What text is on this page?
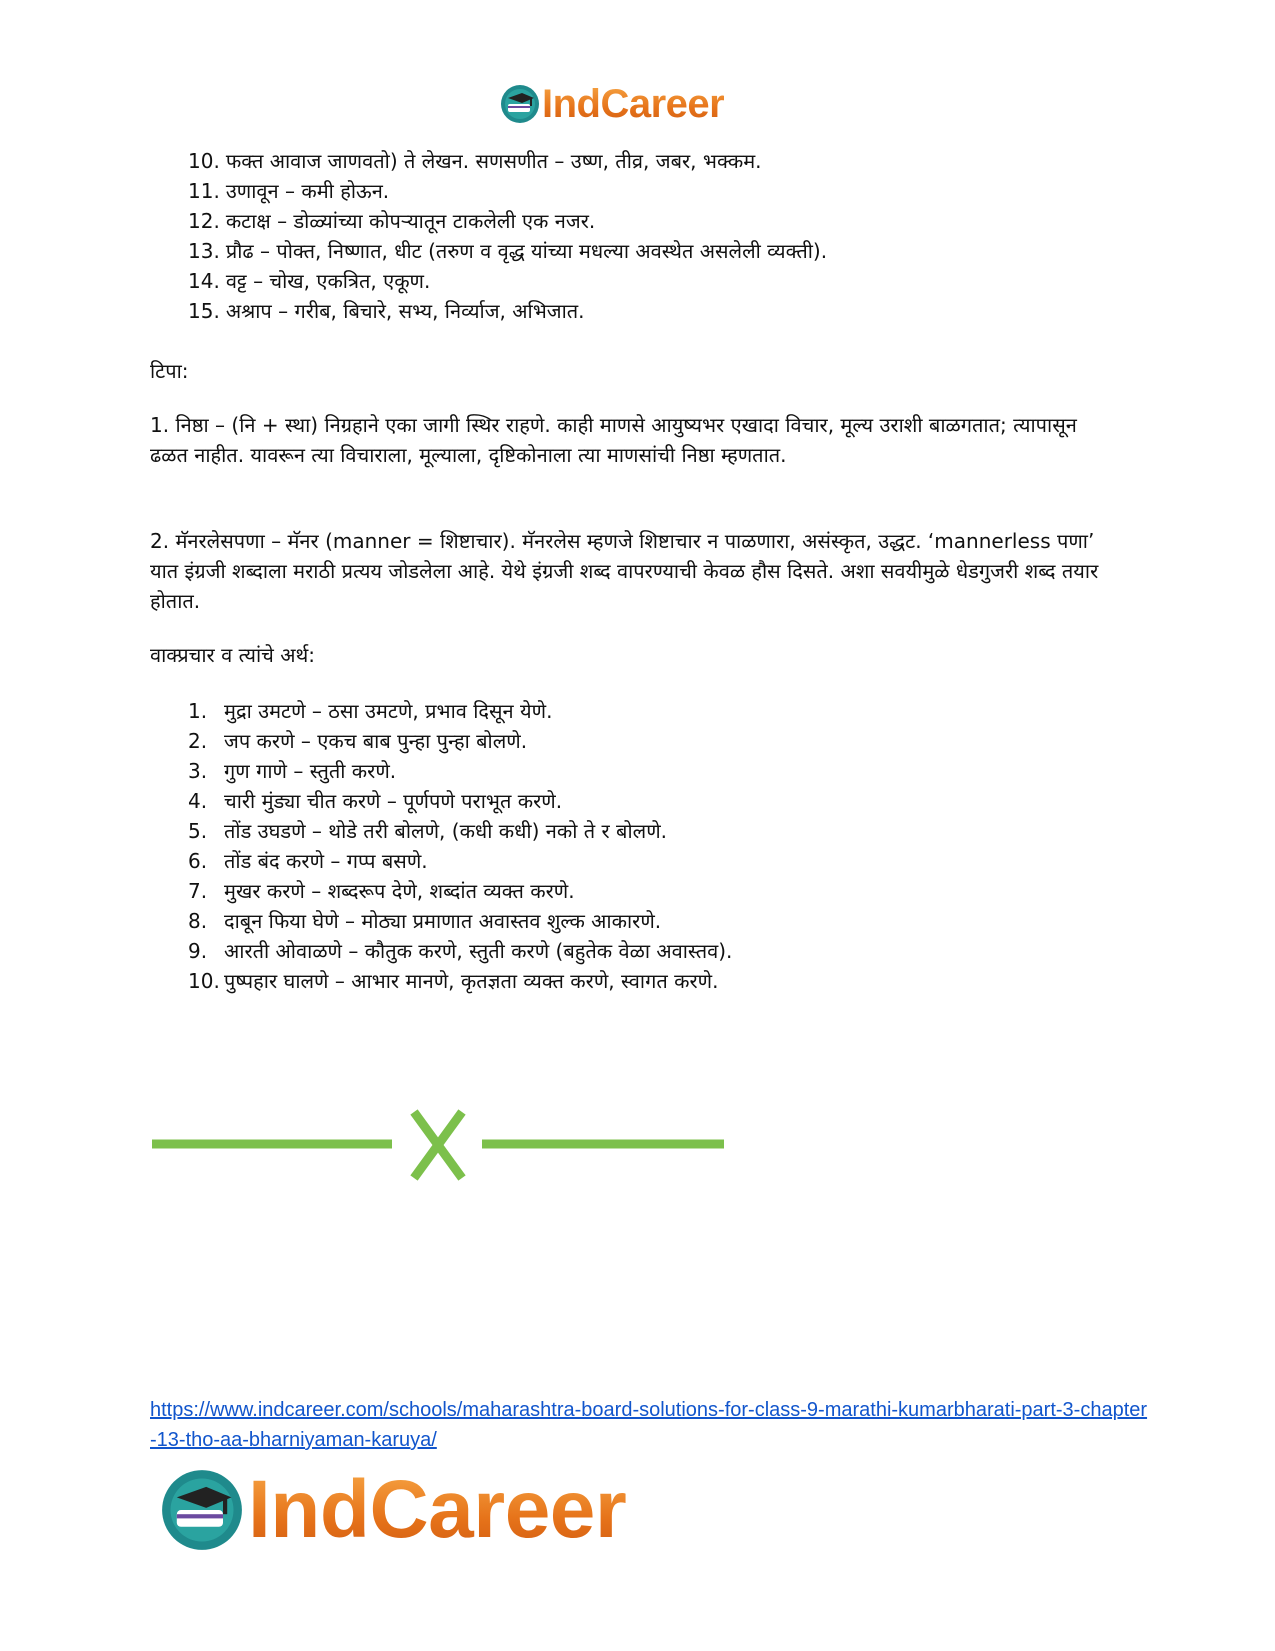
IndCareer
10. फक्त आवाज जाणवतो) ते लेखन. सणसणीत – उष्ण, तीव्र, जबर, भक्कम.
11. उणावून – कमी होऊन.
12. कटाक्ष – डोळ्यांच्या कोपऱ्यातून टाकलेली एक नजर.
13. प्रौढ – पोक्त, निष्णात, धीट (तरुण व वृद्ध यांच्या मधल्या अवस्थेत असलेली व्यक्ती).
14. वट्ट – चोख, एकत्रित, एकूण.
15. अश्राप – गरीब, बिचारे, सभ्य, निर्व्याज, अभिजात.

टिपा:

1. निष्ठा – (नि + स्था) निग्रहाने एका जागी स्थिर राहणे. काही माणसे आयुष्यभर एखादा विचार, मूल्य उराशी बाळगतात; त्यापासून ढळत नाहीत. यावरून त्या विचाराला, मूल्याला, दृष्टिकोनाला त्या माणसांची निष्ठा म्हणतात.

2. मॅनरलेसपणा – मॅनर (manner = शिष्टाचार). मॅनरलेस म्हणजे शिष्टाचार न पाळणारा, असंस्कृत, उद्धट. ‘mannerless पणा’ यात इंग्रजी शब्दाला मराठी प्रत्यय जोडलेला आहे. येथे इंग्रजी शब्द वापरण्याची केवळ हौस दिसते. अशा सवयीमुळे धेडगुजरी शब्द तयार होतात.

वाक्प्रचार व त्यांचे अर्थ:

1. मुद्रा उमटणे – ठसा उमटणे, प्रभाव दिसून येणे.
2. जप करणे – एकच बाब पुन्हा पुन्हा बोलणे.
3. गुण गाणे – स्तुती करणे.
4. चारी मुंड्या चीत करणे – पूर्णपणे पराभूत करणे.
5. तोंड उघडणे – थोडे तरी बोलणे, (कधी कधी) नको ते र बोलणे.
6. तोंड बंद करणे – गप्प बसणे.
7. मुखर करणे – शब्दरूप देणे, शब्दांत व्यक्त करणे.
8. दाबून फिया घेणे – मोठ्या प्रमाणात अवास्तव शुल्क आकारणे.
9. आरती ओवाळणे – कौतुक करणे, स्तुती करणे (बहुतेक वेळा अवास्तव).
10. पुष्पहार घालणे – आभार मानणे, कृतज्ञता व्यक्त करणे, स्वागत करणे.
https://www.indcareer.com/schools/maharashtra-board-solutions-for-class-9-marathi-kumarbharati-part-3-chapter-13-tho-aa-bharniyaman-karuya/
IndCareer
